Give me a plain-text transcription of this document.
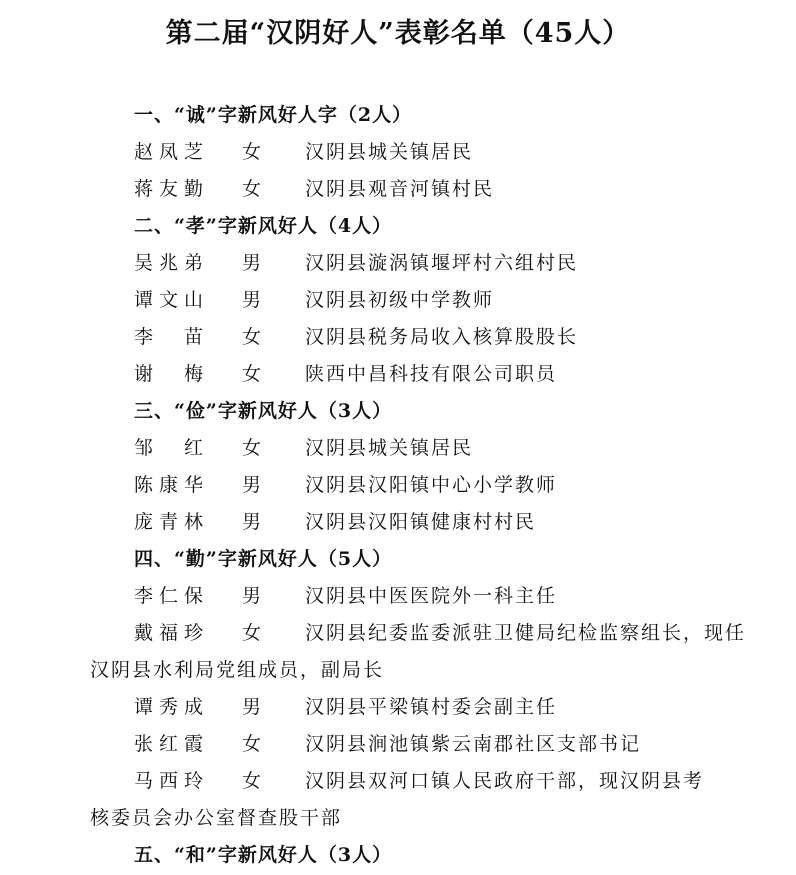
第二届“汉阴好人”表彰名单（45人）
一、“诚”字新风好人字（2人）
赵凤芝 女 汉阴县城关镇居民
蒋友勤 女 汉阴县观音河镇村民
二、“孝”字新风好人（4人）
吴兆弟 男 汉阴县漩涡镇堰坪村六组村民
谭文山 男 汉阴县初级中学教师
李　苗 女 汉阴县税务局收入核算股股长
谢　梅 女 陕西中昌科技有限公司职员
三、“俭”字新风好人（3人）
邹　红 女 汉阴县城关镇居民
陈康华 男 汉阴县汉阳镇中心小学教师
庞青林 男 汉阴县汉阳镇健康村村民
四、“勤”字新风好人（5人）
李仁保 男 汉阴县中医医院外一科主任
戴福珍 女 汉阴县纪委监委派驻卫健局纪检监察组长，现任
汉阴县水利局党组成员，副局长
谭秀成 男 汉阴县平梁镇村委会副主任
张红霞 女 汉阴县涧池镇紫云南郡社区支部书记
马西玲 女 汉阴县双河口镇人民政府干部，现汉阴县考
核委员会办公室督查股干部
五、“和”字新风好人（3人）
